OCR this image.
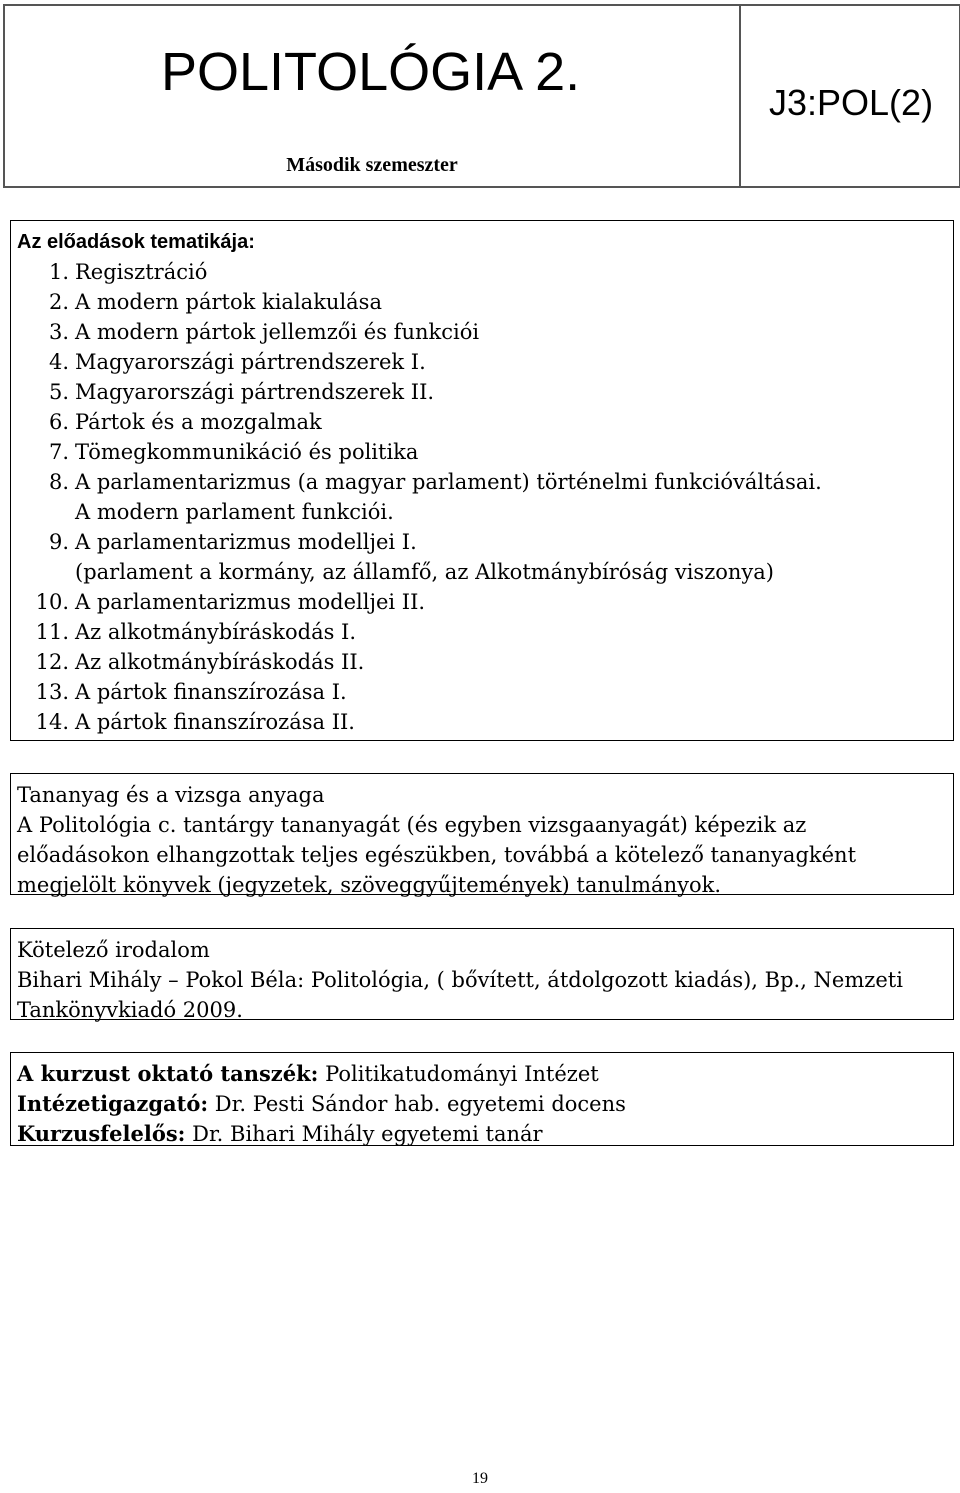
POLITOLÓGIA 2.
Második szemeszter
J3:POL(2)
Az előadások tematikája:
1. Regisztráció
2. A modern pártok kialakulása
3. A modern pártok jellemzői és funkciói
4. Magyarországi pártrendszerek I.
5. Magyarországi pártrendszerek II.
6. Pártok és a mozgalmak
7. Tömegkommunikáció és politika
8. A parlamentarizmus (a magyar parlament) történelmi funkcióváltásai.
A modern parlament funkciói.
9. A parlamentarizmus modelljei I.
(parlament a kormány, az államfő, az Alkotmánybíróság viszonya)
10. A parlamentarizmus modelljei II.
11. Az alkotmánybíráskodás I.
12. Az alkotmánybíráskodás II.
13. A pártok finanszírozása I.
14. A pártok finanszírozása II.
Tananyag és a vizsga anyaga
A Politológia c. tantárgy tananyagát (és egyben vizsgaanyagát) képezik az
előadásokon elhangzottak teljes egészükben, továbbá a kötelező tananyagként
megjelölt könyvek (jegyzetek, szöveggyűjtemények) tanulmányok.
Kötelező irodalom
Bihari Mihály – Pokol Béla: Politológia, ( bővített, átdolgozott kiadás), Bp., Nemzeti
Tankönyvkiadó 2009.
A kurzust oktató tanszék: Politikatudományi Intézet
Intézetigazgató: Dr. Pesti Sándor hab. egyetemi docens
Kurzusfelelős: Dr. Bihari Mihály egyetemi tanár
19
